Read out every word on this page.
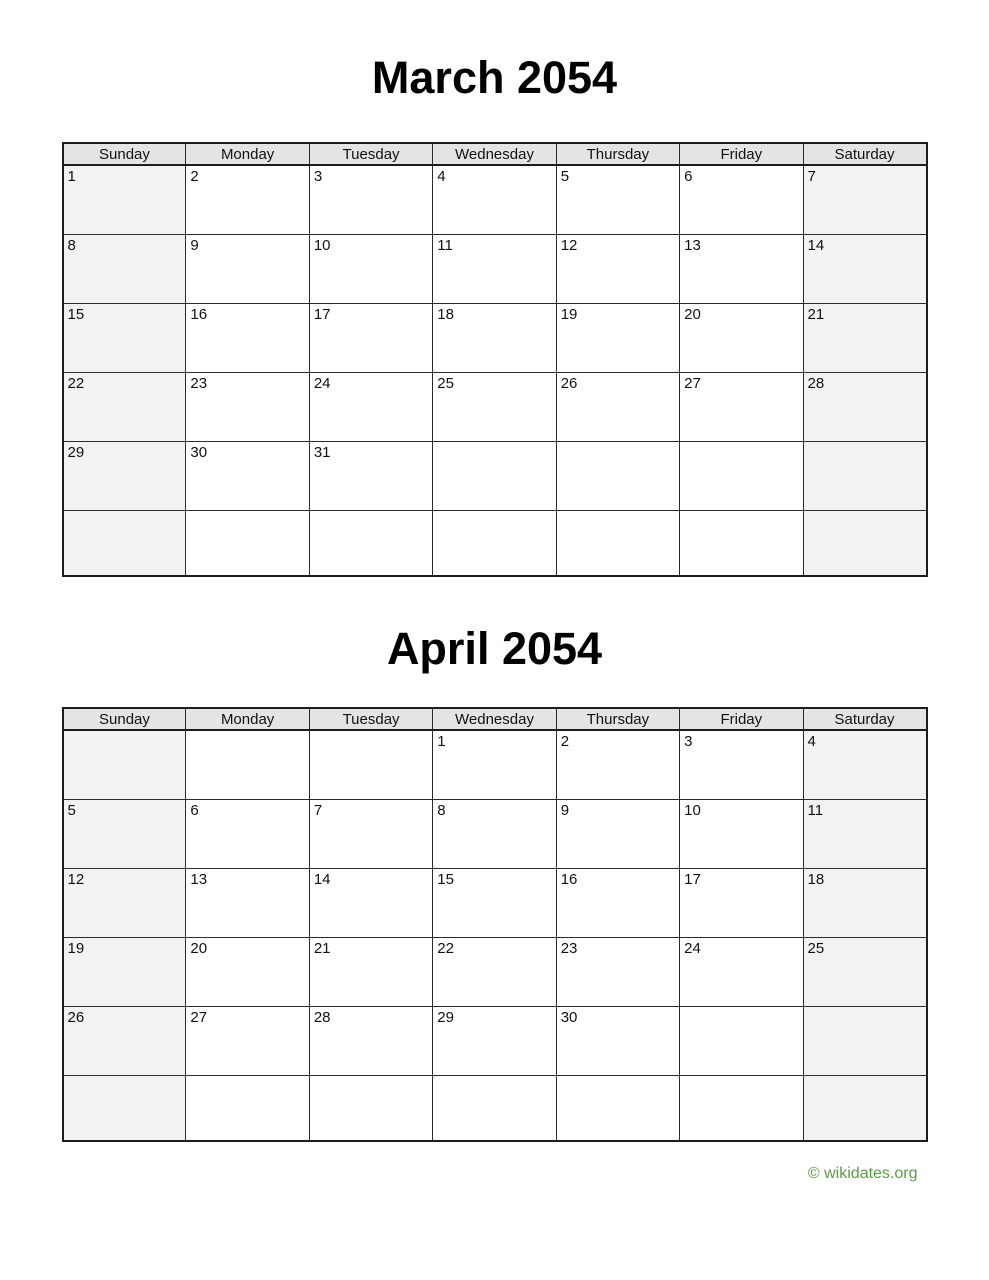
March 2054
Sunday	Monday	Tuesday	Wednesday	Thursday	Friday	Saturday
1	2	3	4	5	6	7
8	9	10	11	12	13	14
15	16	17	18	19	20	21
22	23	24	25	26	27	28
29	30	31				

April 2054
Sunday	Monday	Tuesday	Wednesday	Thursday	Friday	Saturday
			1	2	3	4
5	6	7	8	9	10	11
12	13	14	15	16	17	18
19	20	21	22	23	24	25
26	27	28	29	30		

© wikidates.org
